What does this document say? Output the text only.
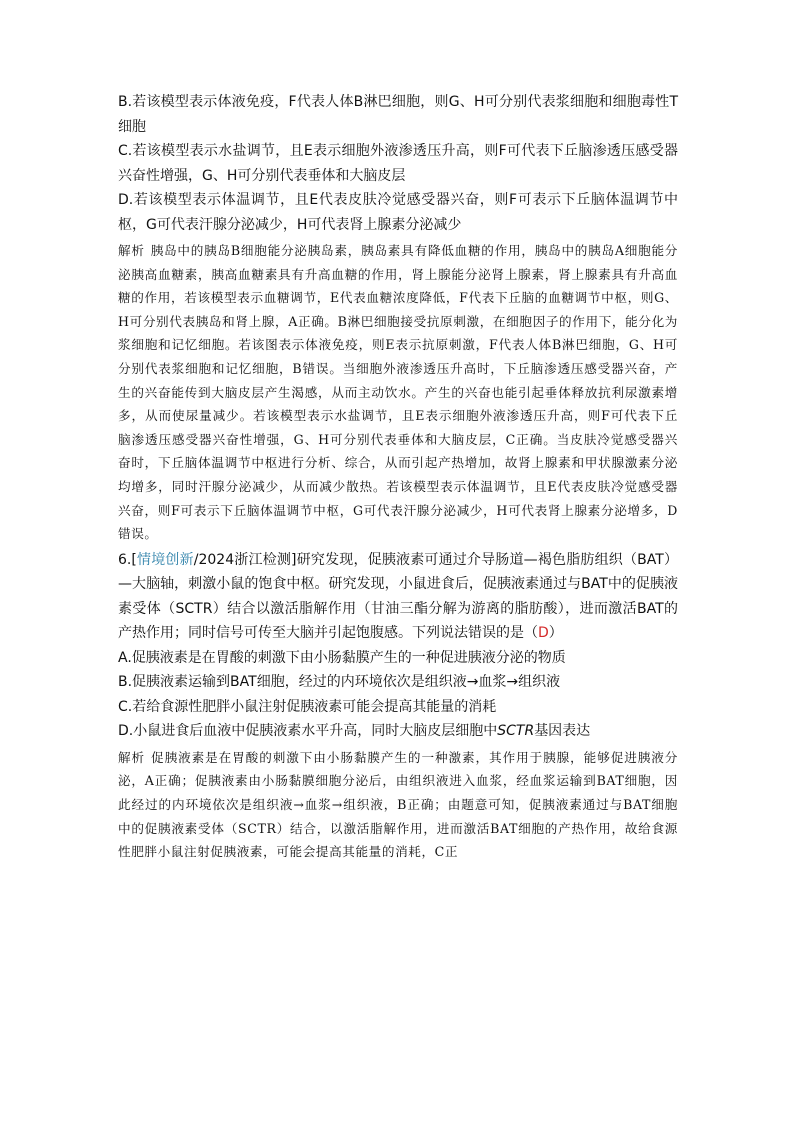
B.若该模型表示体液免疫，F代表人体B淋巴细胞，则G、H可分别代表浆细胞和细胞毒性T细胞

C.若该模型表示水盐调节，且E表示细胞外液渗透压升高，则F可代表下丘脑渗透压感受器兴奋性增强，G、H可分别代表垂体和大脑皮层

D.若该模型表示体温调节，且E代表皮肤冷觉感受器兴奋，则F可表示下丘脑体温调节中枢，G可代表汗腺分泌减少，H可代表肾上腺素分泌减少

解析 胰岛中的胰岛B细胞能分泌胰岛素，胰岛素具有降低血糖的作用，胰岛中的胰岛A细胞能分泌胰高血糖素，胰高血糖素具有升高血糖的作用，肾上腺能分泌肾上腺素，肾上腺素具有升高血糖的作用，若该模型表示血糖调节，E代表血糖浓度降低，F代表下丘脑的血糖调节中枢，则G、H可分别代表胰岛和肾上腺，A正确。B淋巴细胞接受抗原刺激，在细胞因子的作用下，能分化为浆细胞和记忆细胞。若该图表示体液免疫，则E表示抗原刺激，F代表人体B淋巴细胞，G、H可分别代表浆细胞和记忆细胞，B错误。当细胞外液渗透压升高时，下丘脑渗透压感受器兴奋，产生的兴奋能传到大脑皮层产生渴感，从而主动饮水。产生的兴奋也能引起垂体释放抗利尿激素增多，从而使尿量减少。若该模型表示水盐调节，且E表示细胞外液渗透压升高，则F可代表下丘脑渗透压感受器兴奋性增强，G、H可分别代表垂体和大脑皮层，C正确。当皮肤冷觉感受器兴奋时，下丘脑体温调节中枢进行分析、综合，从而引起产热增加，故肾上腺素和甲状腺激素分泌均增多，同时汗腺分泌减少，从而减少散热。若该模型表示体温调节，且E代表皮肤冷觉感受器兴奋，则F可表示下丘脑体温调节中枢，G可代表汗腺分泌减少，H可代表肾上腺素分泌增多，D错误。

6.[情境创新/2024浙江检测]研究发现，促胰液素可通过介导肠道—褐色脂肪组织（BAT）—大脑轴，刺激小鼠的饱食中枢。研究发现，小鼠进食后，促胰液素通过与BAT中的促胰液素受体（SCTR）结合以激活脂解作用（甘油三酯分解为游离的脂肪酸），进而激活BAT的产热作用；同时信号可传至大脑并引起饱腹感。下列说法错误的是（D）

A.促胰液素是在胃酸的刺激下由小肠黏膜产生的一种促进胰液分泌的物质

B.促胰液素运输到BAT细胞，经过的内环境依次是组织液→血浆→组织液

C.若给食源性肥胖小鼠注射促胰液素可能会提高其能量的消耗

D.小鼠进食后血液中促胰液素水平升高，同时大脑皮层细胞中SCTR基因表达

解析 促胰液素是在胃酸的刺激下由小肠黏膜产生的一种激素，其作用于胰腺，能够促进胰液分泌，A正确；促胰液素由小肠黏膜细胞分泌后，由组织液进入血浆，经血浆运输到BAT细胞，因此经过的内环境依次是组织液→血浆→组织液，B正确；由题意可知，促胰液素通过与BAT细胞中的促胰液素受体（SCTR）结合，以激活脂解作用，进而激活BAT细胞的产热作用，故给食源性肥胖小鼠注射促胰液素，可能会提高其能量的消耗，C正
